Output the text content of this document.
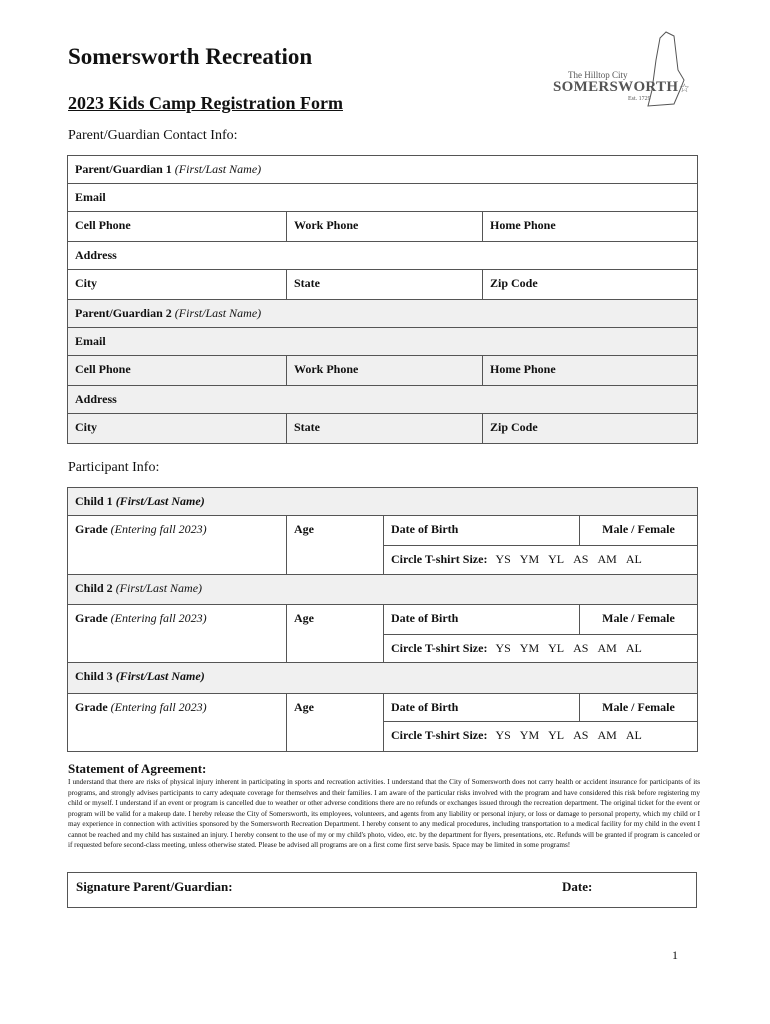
Somersworth Recreation
2023 Kids Camp Registration Form
The Hilltop City
SOMERSWORTH ☆
Est. 1729
Parent/Guardian Contact Info:
Parent/Guardian 1 (First/Last Name)		

Email		

Cell Phone	Work Phone	Home Phone

Address		

City	State	Zip Code

Parent/Guardian 2 (First/Last Name)		

Email		

Cell Phone	Work Phone	Home Phone

Address		

City	State	Zip Code
Participant Info:
Child 1 (First/Last Name)			

Grade (Entering fall 2023)	Age	Date of Birth	Male / Female

		Circle T-shirt Size: YS YM YL AS AM AL	

Child 2 (First/Last Name)			

Grade (Entering fall 2023)	Age	Date of Birth	Male / Female

		Circle T-shirt Size: YS YM YL AS AM AL	

Child 3 (First/Last Name)			

Grade (Entering fall 2023)	Age	Date of Birth	Male / Female

		Circle T-shirt Size: YS YM YL AS AM AL	
Statement of Agreement:
I understand that there are risks of physical injury inherent in participating in sports and recreation activities. I understand that the City of Somersworth does not carry health or accident insurance for participants of its programs, and strongly advises participants to carry adequate coverage for themselves and their families. I am aware of the particular risks involved with the program and have considered this risk before registering my child or myself. I understand if an event or program is cancelled due to weather or other adverse conditions there are no refunds or exchanges issued through the recreation department. The original ticket for the event or program will be valid for a makeup date. I hereby release the City of Somersworth, its employees, volunteers, and agents from any liability or personal injury, or loss or damage to personal property, which my child or I may experience in connection with activities sponsored by the Somersworth Recreation Department. I hereby consent to any medical procedures, including transportation to a medical facility for my child in the event I cannot be reached and my child has sustained an injury. I hereby consent to the use of my or my child's photo, video, etc. by the department for flyers, presentations, etc. Refunds will be granted if program is canceled or if requested before second-class meeting, unless otherwise stated. Please be advised all programs are on a first come first serve basis. Space may be limited in some programs!
Signature Parent/Guardian:	Date:
1
